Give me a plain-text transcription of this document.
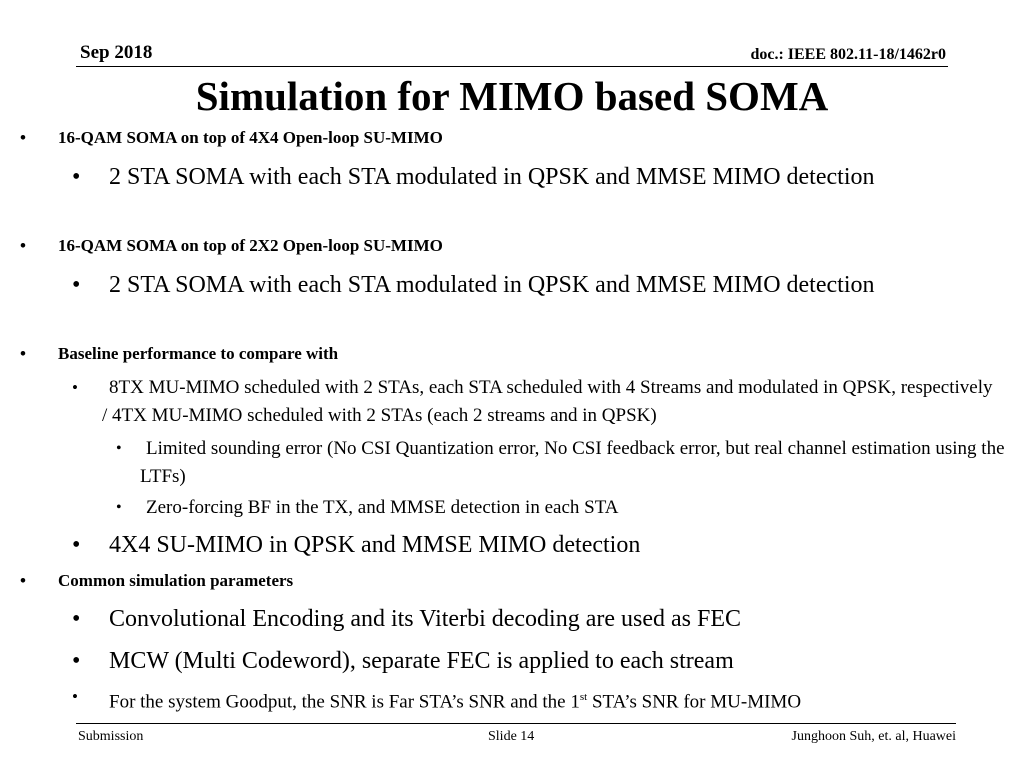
Sep 2018	doc.: IEEE 802.11-18/1462r0
Simulation for MIMO based SOMA
• 16-QAM SOMA on top of 4X4 Open-loop SU-MIMO
•	2 STA SOMA with each STA modulated in QPSK and MMSE MIMO detection
• 16-QAM SOMA on top of 2X2 Open-loop SU-MIMO
•	2 STA SOMA with each STA modulated in QPSK and MMSE MIMO detection
• Baseline performance to compare with
•	8TX MU-MIMO scheduled with 2 STAs, each STA scheduled with 4 Streams and modulated in QPSK, respectively / 4TX MU-MIMO scheduled with 2 STAs (each 2 streams and in QPSK)
•	Limited sounding error (No CSI Quantization error, No CSI feedback error, but real channel estimation using the LTFs)
•	Zero-forcing BF in the TX, and MMSE detection in each STA
•	4X4 SU-MIMO in QPSK and MMSE MIMO detection
• Common simulation parameters
•	Convolutional Encoding and its Viterbi decoding are used as FEC
•	MCW (Multi Codeword), separate FEC is applied to each stream
•	For the system Goodput, the SNR is Far STA’s SNR and the 1st STA’s SNR for MU-MIMO
Submission	Slide 14	Junghoon Suh, et. al, Huawei
